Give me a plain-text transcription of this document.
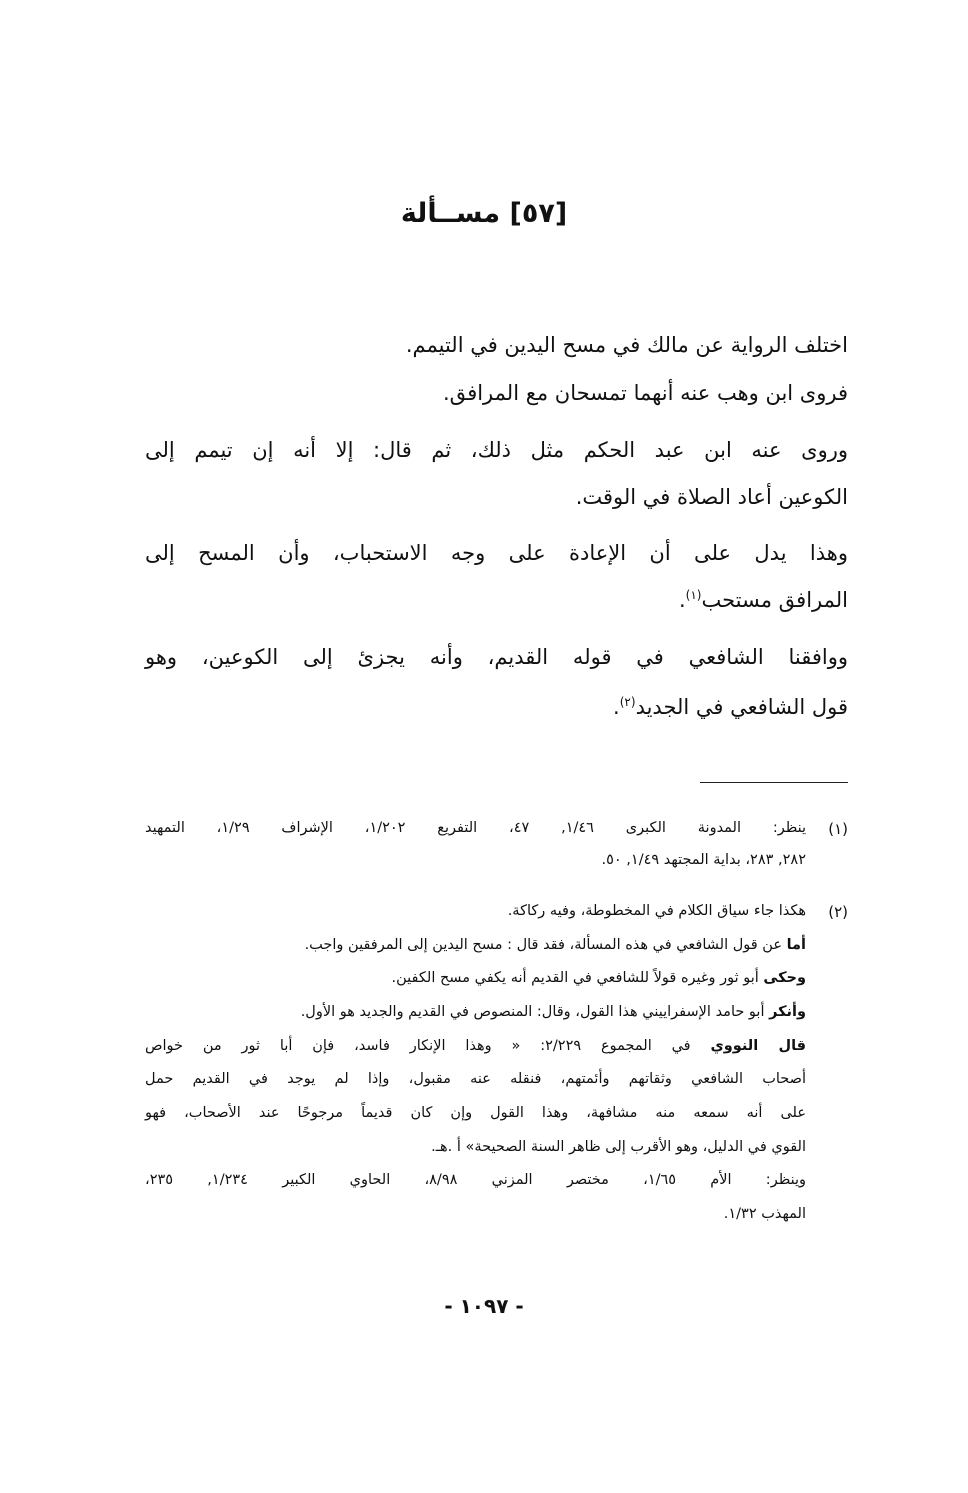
[٥٧] مســألة
اختلف الرواية عن مالك في مسح اليدين في التيمم.
فروى ابن وهب عنه أنهما تمسحان مع المرافق.
وروى عنه ابن عبد الحكم مثل ذلك، ثم قال: إلا أنه إن تيمم إلى
الكوعين أعاد الصلاة في الوقت.
وهذا يدل على أن الإعادة على وجه الاستحباب، وأن المسح إلى
المرافق مستحب$^{(١)}$.
ووافقنا الشافعي في قوله القديم، وأنه يجزئ إلى الكوعين، وهو
قول الشافعي في الجديد$^{(٢)}$.
(١)
ينظر: المدونة الكبرى ١/٤٦, ٤٧، التفريع ١/٢٠٢، الإشراف ١/٢٩، التمهيد
٢٨٢, ٢٨٣، بداية المجتهد ١/٤٩, ٥٠.
(٢)
هكذا جاء سياق الكلام في المخطوطة، وفيه ركاكة.
أما عن قول الشافعي في هذه المسألة، فقد قال : مسح اليدين إلى المرفقين واجب.
وحكى أبو ثور وغيره قولاً للشافعي في القديم أنه يكفي مسح الكفين.
وأنكر أبو حامد الإسفراييني هذا القول، وقال: المنصوص في القديم والجديد هو الأول.
قال النووي في المجموع ٢/٢٢٩: « وهذا الإنكار فاسد، فإن أبا ثور من خواص
أصحاب الشافعي وثقاتهم وأئمتهم، فنقله عنه مقبول، وإذا لم يوجد في القديم حمل
على أنه سمعه منه مشافهة، وهذا القول وإن كان قديماً مرجوحًا عند الأصحاب، فهو
القوي في الدليل، وهو الأقرب إلى ظاهر السنة الصحيحة» أ .هـ.
وينظر: الأم ١/٦٥، مختصر المزني ٨/٩٨، الحاوي الكبير ١/٢٣٤, ٢٣٥،
المهذب ١/٣٢.
- ١٠٩٧ -
